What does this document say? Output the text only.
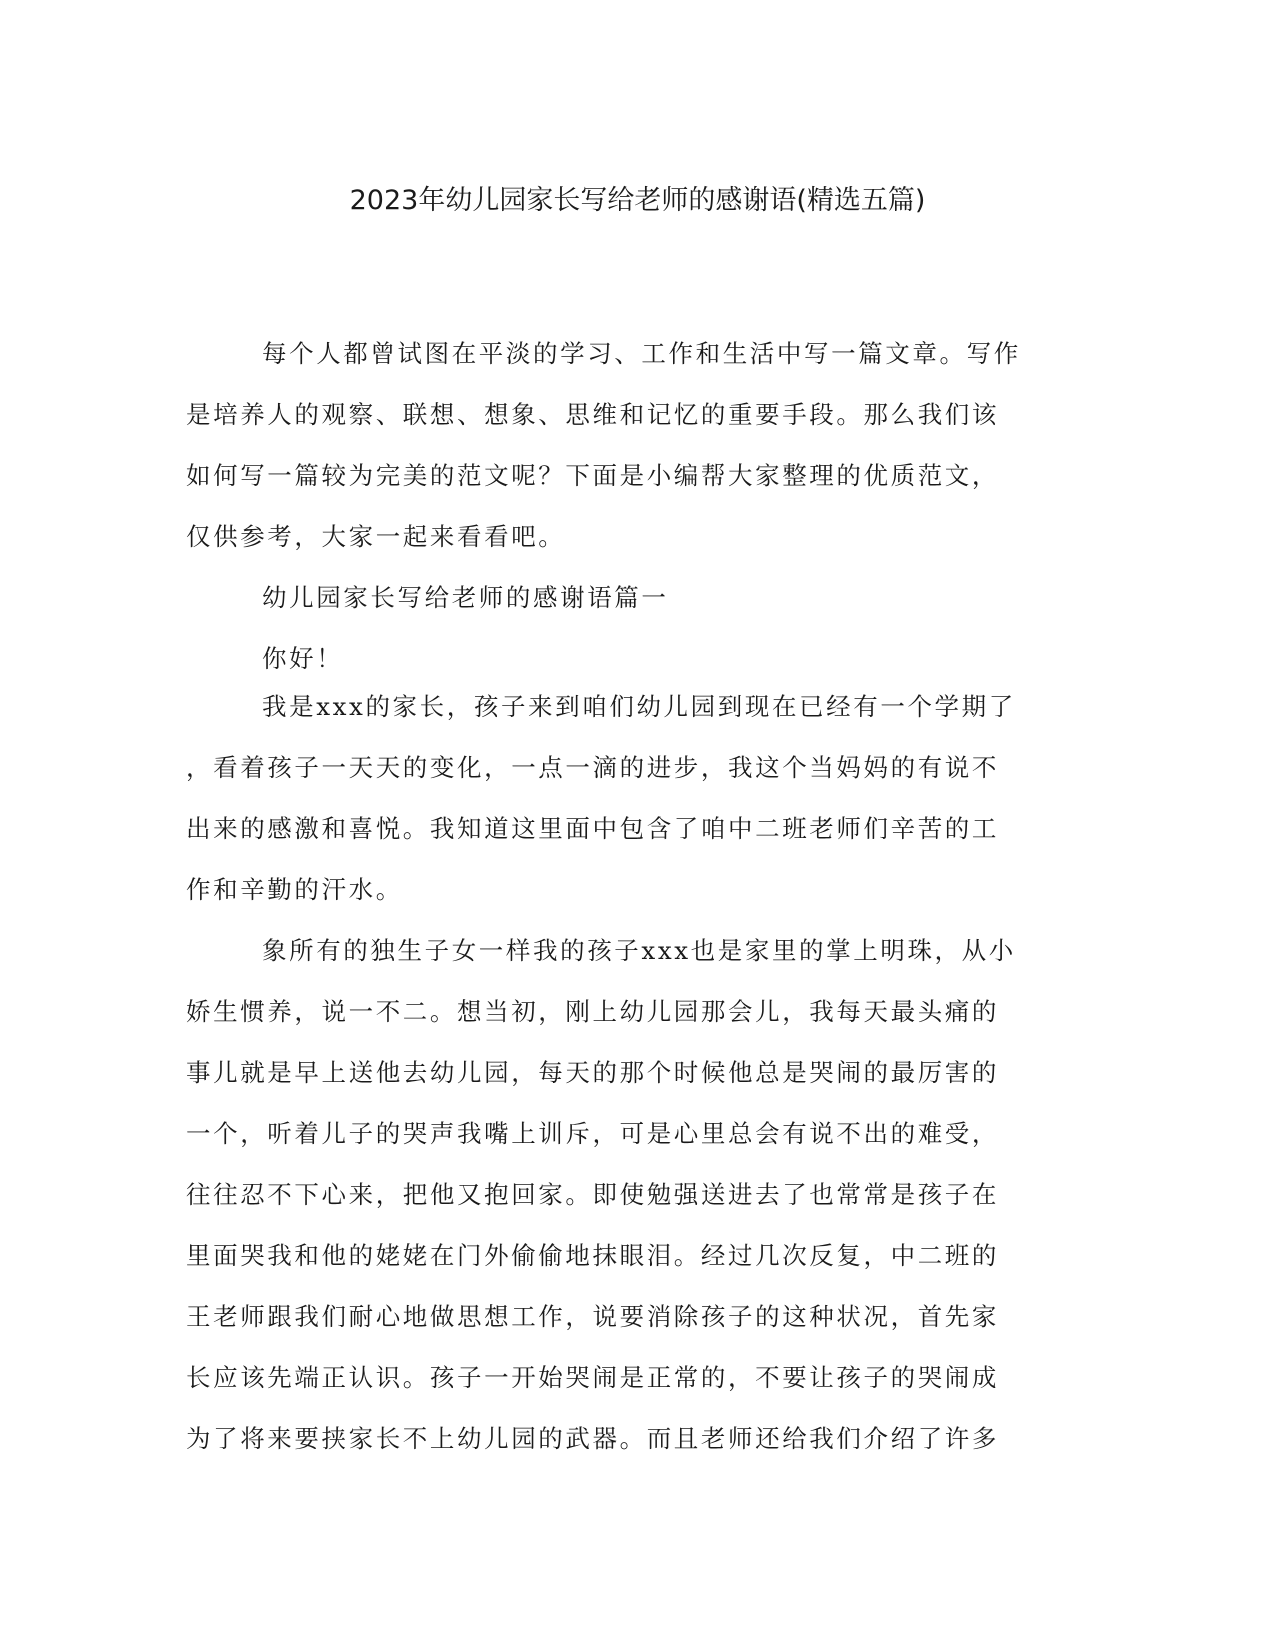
2023年幼儿园家长写给老师的感谢语(精选五篇)
每个人都曾试图在平淡的学习、工作和生活中写一篇文章。写作
是培养人的观察、联想、想象、思维和记忆的重要手段。那么我们该
如何写一篇较为完美的范文呢？下面是小编帮大家整理的优质范文，
仅供参考，大家一起来看看吧。
幼儿园家长写给老师的感谢语篇一
你好！
我是xxx的家长，孩子来到咱们幼儿园到现在已经有一个学期了
，看着孩子一天天的变化，一点一滴的进步，我这个当妈妈的有说不
出来的感激和喜悦。我知道这里面中包含了咱中二班老师们辛苦的工
作和辛勤的汗水。
象所有的独生子女一样我的孩子xxx也是家里的掌上明珠，从小
娇生惯养，说一不二。想当初，刚上幼儿园那会儿，我每天最头痛的
事儿就是早上送他去幼儿园，每天的那个时候他总是哭闹的最厉害的
一个，听着儿子的哭声我嘴上训斥，可是心里总会有说不出的难受，
往往忍不下心来，把他又抱回家。即使勉强送进去了也常常是孩子在
里面哭我和他的姥姥在门外偷偷地抹眼泪。经过几次反复，中二班的
王老师跟我们耐心地做思想工作，说要消除孩子的这种状况，首先家
长应该先端正认识。孩子一开始哭闹是正常的，不要让孩子的哭闹成
为了将来要挟家长不上幼儿园的武器。而且老师还给我们介绍了许多
